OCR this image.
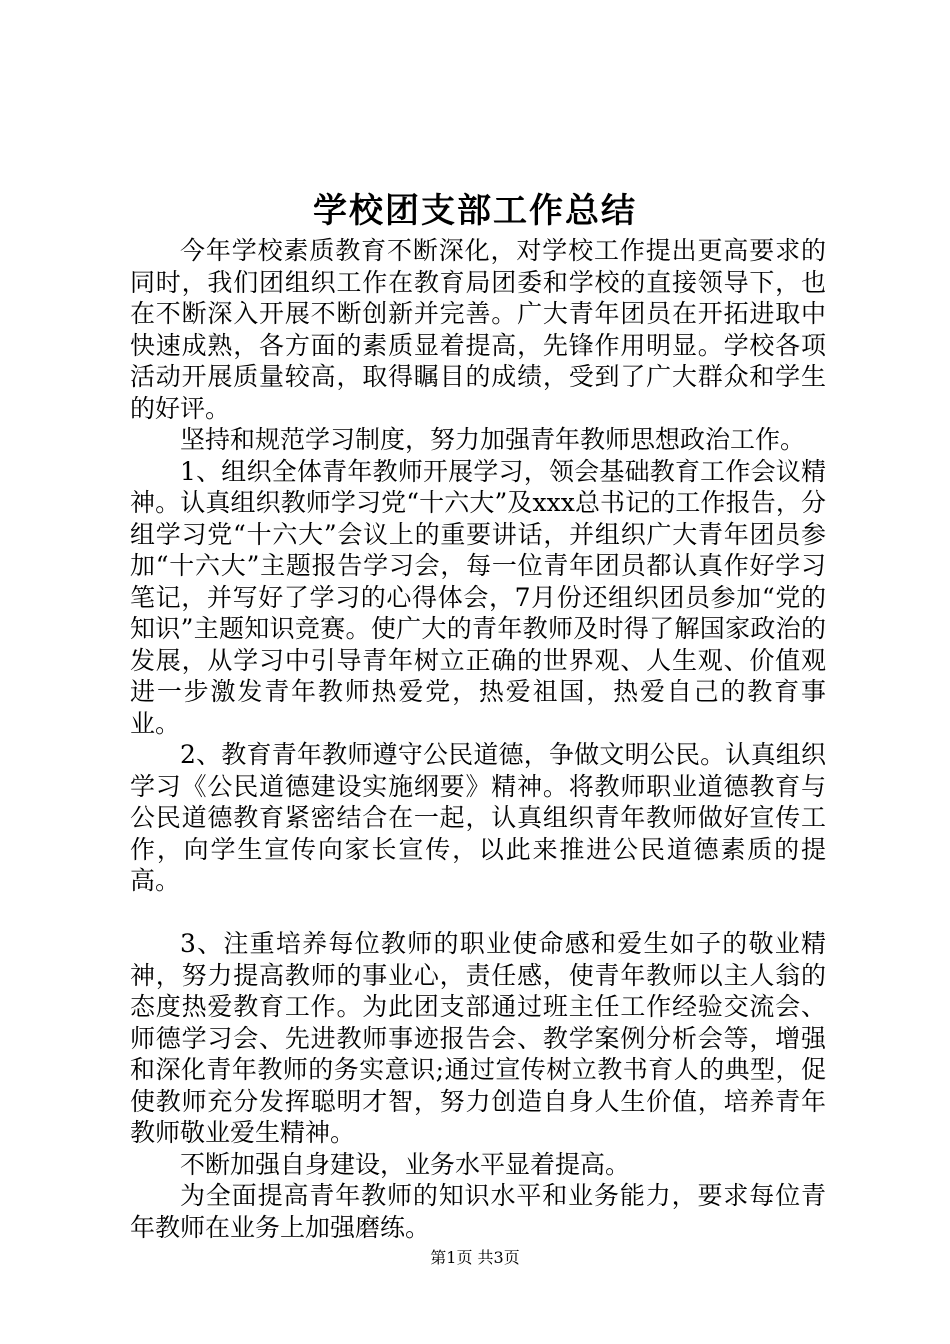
学校团支部工作总结

今年学校素质教育不断深化，对学校工作提出更高要求的同时，我们团组织工作在教育局团委和学校的直接领导下，也在不断深入开展不断创新并完善。广大青年团员在开拓进取中快速成熟，各方面的素质显着提高，先锋作用明显。学校各项活动开展质量较高，取得瞩目的成绩，受到了广大群众和学生的好评。

坚持和规范学习制度，努力加强青年教师思想政治工作。

1、组织全体青年教师开展学习，领会基础教育工作会议精神。认真组织教师学习党“十六大”及xxx总书记的工作报告，分组学习党“十六大”会议上的重要讲话，并组织广大青年团员参加“十六大”主题报告学习会，每一位青年团员都认真作好学习笔记，并写好了学习的心得体会，7月份还组织团员参加“党的知识”主题知识竞赛。使广大的青年教师及时得了解国家政治的发展，从学习中引导青年树立正确的世界观、人生观、价值观进一步激发青年教师热爱党，热爱祖国，热爱自己的教育事业。

2、教育青年教师遵守公民道德，争做文明公民。认真组织学习《公民道德建设实施纲要》精神。将教师职业道德教育与公民道德教育紧密结合在一起，认真组织青年教师做好宣传工作，向学生宣传向家长宣传，以此来推进公民道德素质的提高。

3、注重培养每位教师的职业使命感和爱生如子的敬业精神，努力提高教师的事业心，责任感，使青年教师以主人翁的态度热爱教育工作。为此团支部通过班主任工作经验交流会、师德学习会、先进教师事迹报告会、教学案例分析会等，增强和深化青年教师的务实意识;通过宣传树立教书育人的典型，促使教师充分发挥聪明才智，努力创造自身人生价值，培养青年教师敬业爱生精神。

不断加强自身建设，业务水平显着提高。

为全面提高青年教师的知识水平和业务能力，要求每位青年教师在业务上加强磨练。

第1页 共3页
